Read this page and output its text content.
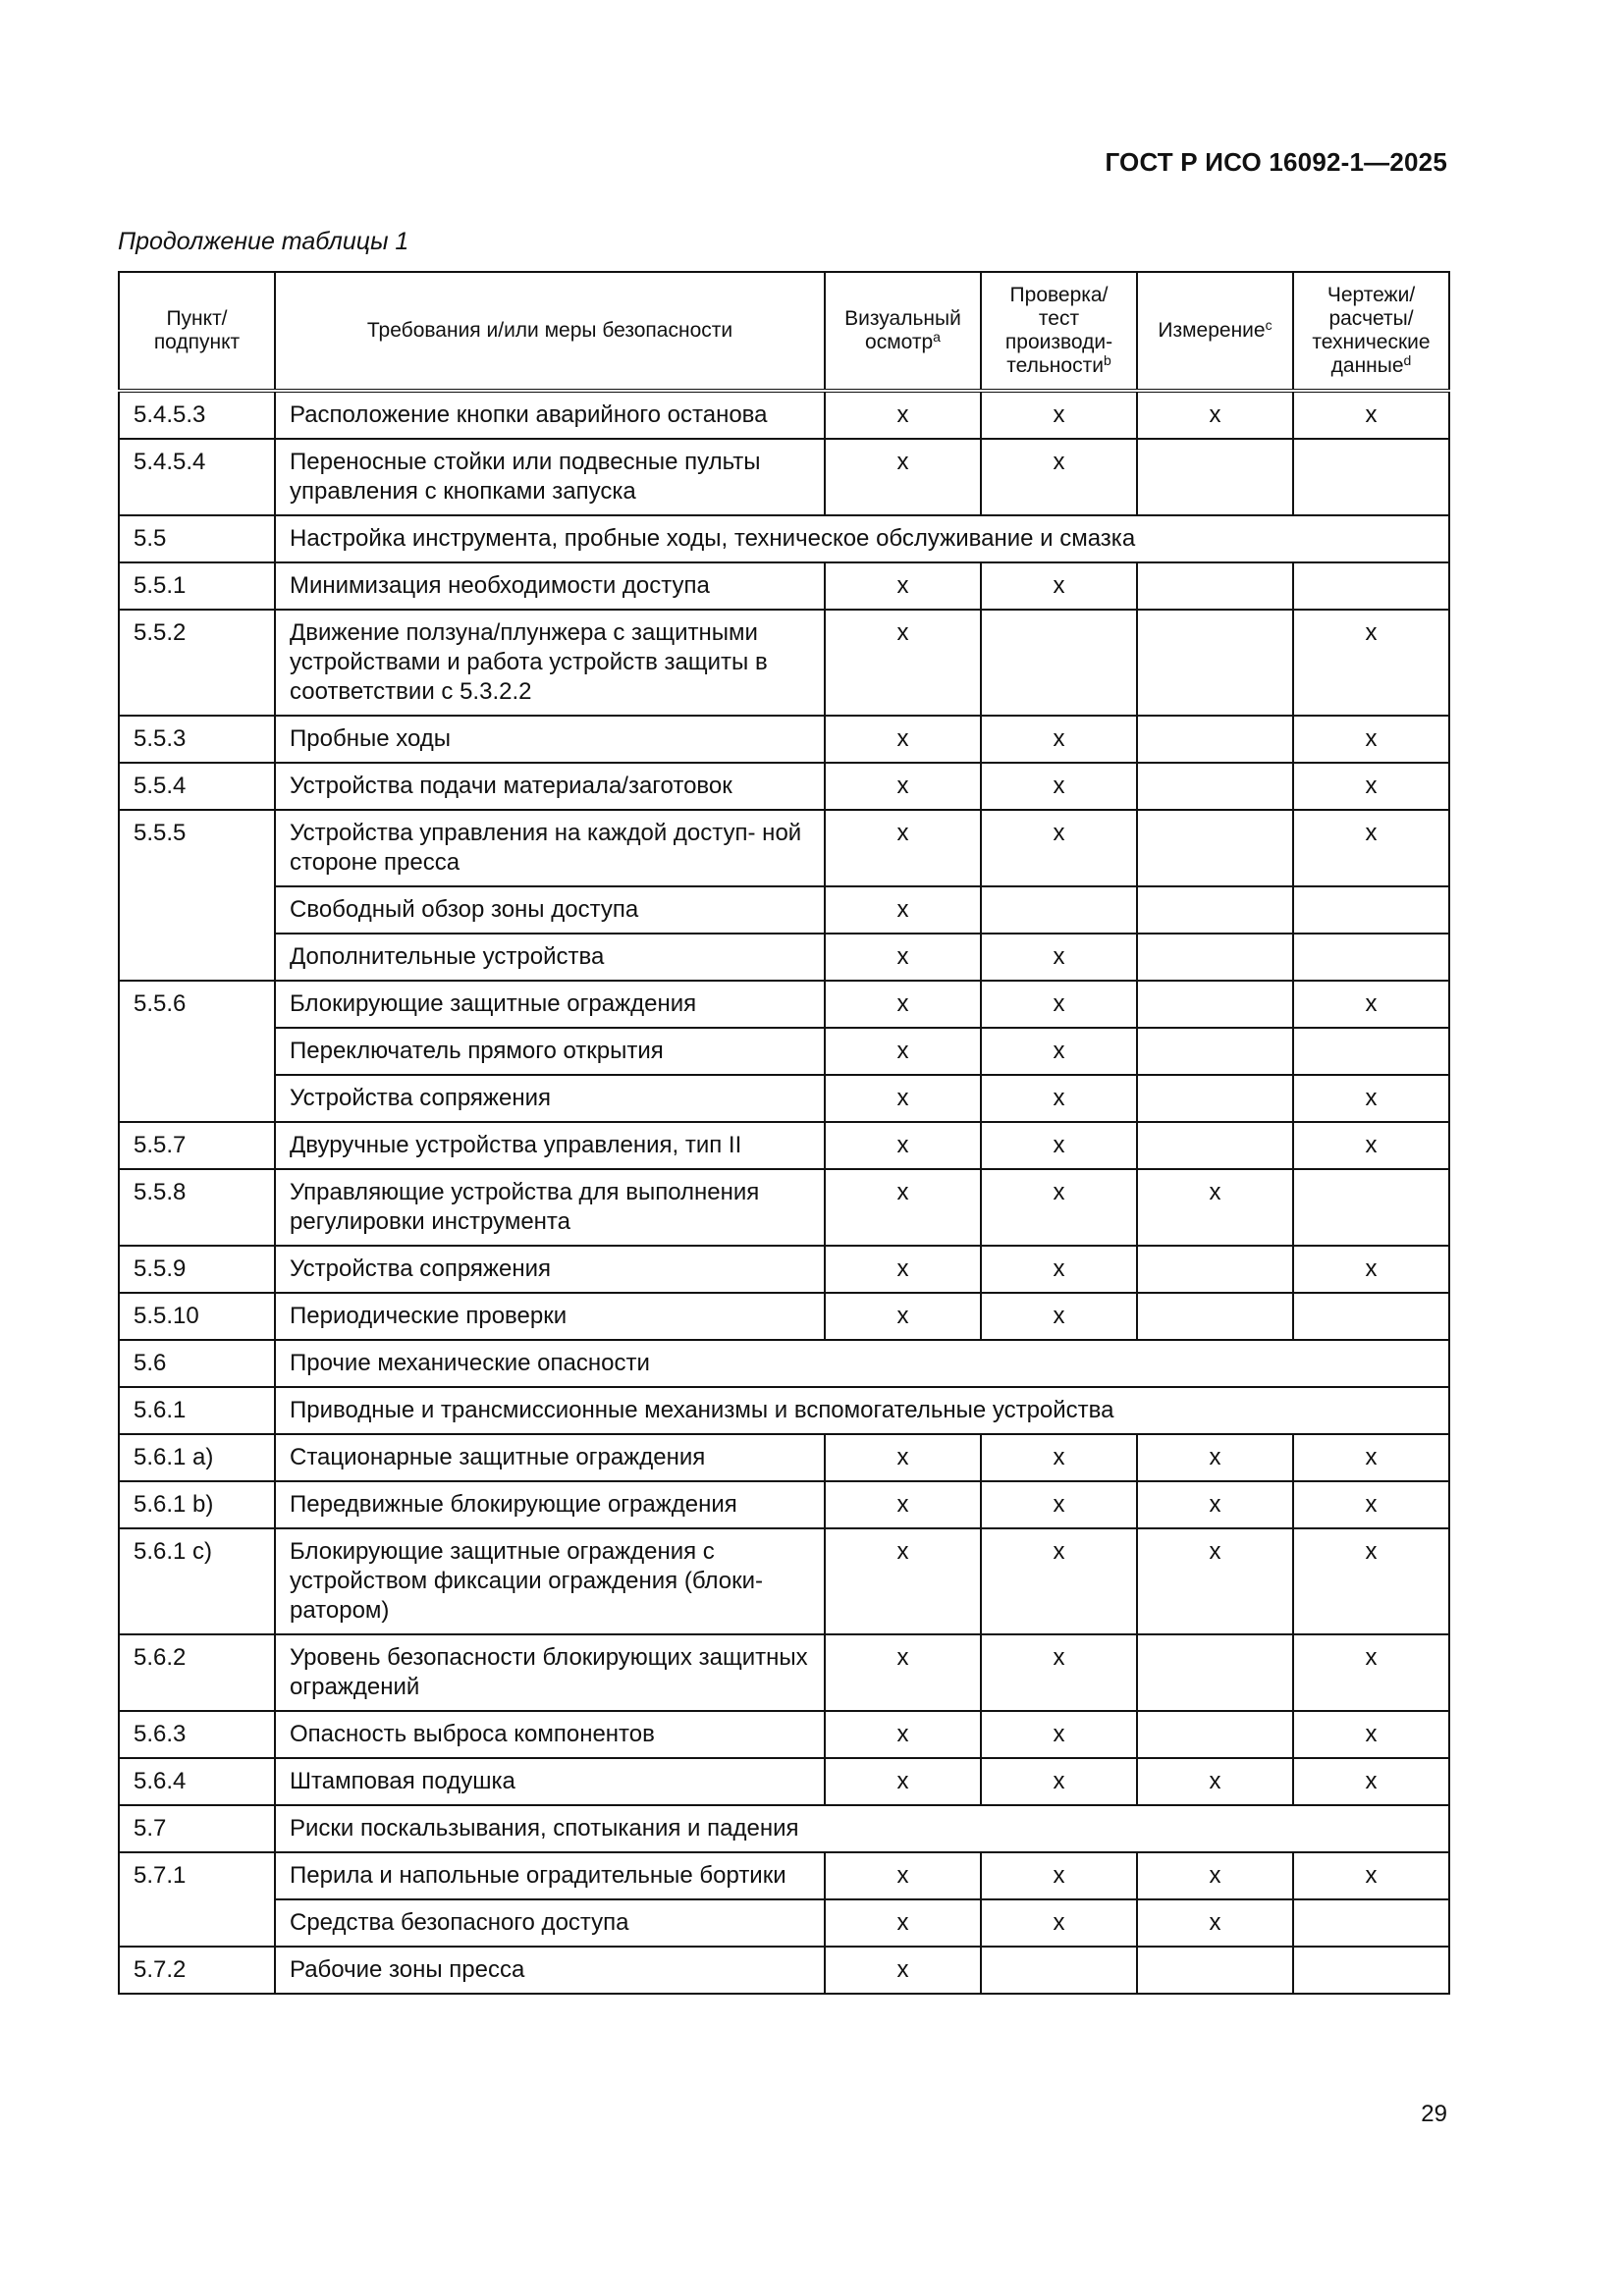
ГОСТ Р ИСО 16092-1—2025
Продолжение таблицы 1
Пункт/ подпункт	Требования и/или меры безопасности	Визуальный осмотр$^a$	Проверка/ тест производи- тельности$^b$	Измерение$^c$	Чертежи/ расчеты/ технические данные$^d$
5.4.5.3	Расположение кнопки аварийного останова	x	x	x	x
5.4.5.4	Переносные стойки или подвесные пульты управления с кнопками запуска	x	x		
5.5	Настройка инструмента, пробные ходы, техническое обслуживание и смазка				
5.5.1	Минимизация необходимости доступа	x	x		
5.5.2	Движение ползуна/плунжера с защитными устройствами и работа устройств защиты в соответствии с 5.3.2.2	x			x
5.5.3	Пробные ходы	x	x		x
5.5.4	Устройства подачи материала/заготовок	x	x		x
5.5.5	Устройства управления на каждой доступ- ной стороне пресса	x	x		x
	Свободный обзор зоны доступа	x			
	Дополнительные устройства	x	x		
5.5.6	Блокирующие защитные ограждения	x	x		x
	Переключатель прямого открытия	x	x		
	Устройства сопряжения	x	x		x
5.5.7	Двуручные устройства управления, тип II	x	x		x
5.5.8	Управляющие устройства для выполнения регулировки инструмента	x	x	x	
5.5.9	Устройства сопряжения	x	x		x
5.5.10	Периодические проверки	x	x		
5.6	Прочие механические опасности				
5.6.1	Приводные и трансмиссионные механизмы и вспомогательные устройства				
5.6.1 a)	Стационарные защитные ограждения	x	x	x	x
5.6.1 b)	Передвижные блокирующие ограждения	x	x	x	x
5.6.1 c)	Блокирующие защитные ограждения с устройством фиксации ограждения (блоки- ратором)	x	x	x	x
5.6.2	Уровень безопасности блокирующих защитных ограждений	x	x		x
5.6.3	Опасность выброса компонентов	x	x		x
5.6.4	Штамповая подушка	x	x	x	x
5.7	Риски поскальзывания, спотыкания и падения				
5.7.1	Перила и напольные оградительные бортики	x	x	x	x
	Средства безопасного доступа	x	x	x	
5.7.2	Рабочие зоны пресса	x			
29
